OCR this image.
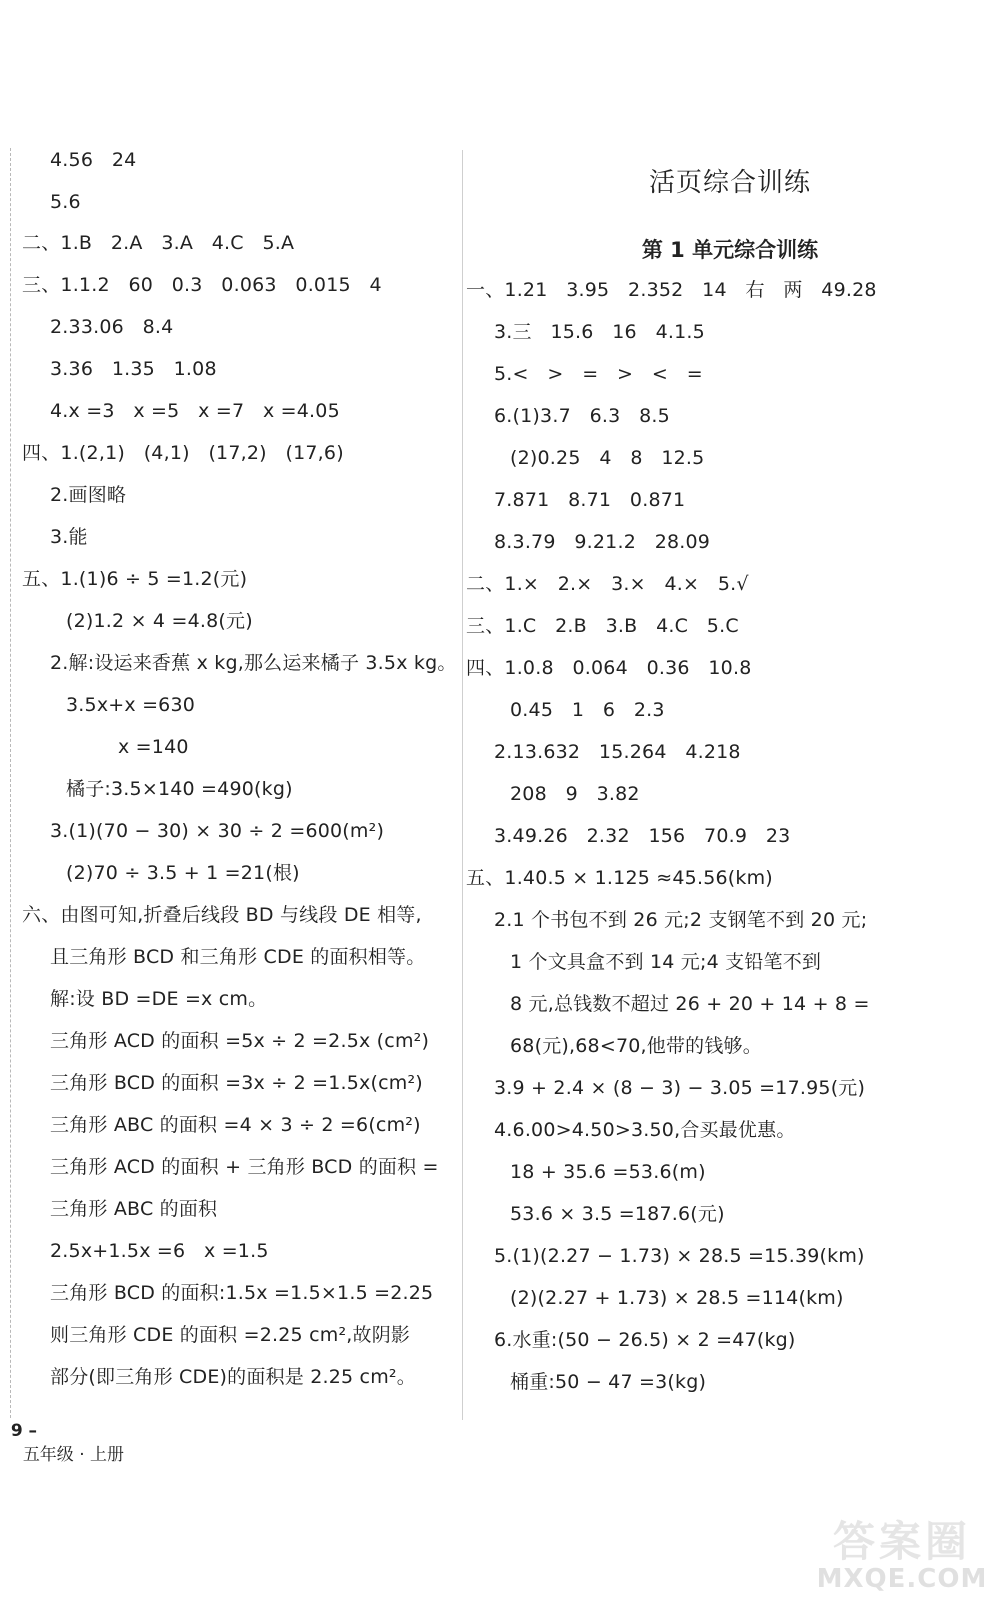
4.56   24
5.6
二、1.B   2.A   3.A   4.C   5.A
三、1.1.2   60   0.3   0.063   0.015   4
2.33.06   8.4
3.36   1.35   1.08
4.x =3   x =5   x =7   x =4.05
四、1.(2,1)   (4,1)   (17,2)   (17,6)
2.画图略
3.能
五、1.(1)6 ÷ 5 =1.2(元)
(2)1.2 × 4 =4.8(元)
2.解:设运来香蕉 x kg,那么运来橘子 3.5x kg。
3.5x+x =630
x =140
橘子:3.5×140 =490(kg)
3.(1)(70 − 30) × 30 ÷ 2 =600(m²)
(2)70 ÷ 3.5 + 1 =21(根)
六、由图可知,折叠后线段 BD 与线段 DE 相等,
且三角形 BCD 和三角形 CDE 的面积相等。
解:设 BD =DE =x cm。
三角形 ACD 的面积 =5x ÷ 2 =2.5x (cm²)
三角形 BCD 的面积 =3x ÷ 2 =1.5x(cm²)
三角形 ABC 的面积 =4 × 3 ÷ 2 =6(cm²)
三角形 ACD 的面积 + 三角形 BCD 的面积 =
三角形 ABC 的面积
2.5x+1.5x =6   x =1.5
三角形 BCD 的面积:1.5x =1.5×1.5 =2.25
则三角形 CDE 的面积 =2.25 cm²,故阴影
部分(即三角形 CDE)的面积是 2.25 cm²。
活页综合训练
第 1 单元综合训练
一、1.21   3.95   2.352   14   右   两   49.28
3.三   15.6   16   4.1.5
5.<   >   =   >   <   =
6.(1)3.7   6.3   8.5
(2)0.25   4   8   12.5
7.871   8.71   0.871
8.3.79   9.21.2   28.09
二、1.×   2.×   3.×   4.×   5.√
三、1.C   2.B   3.B   4.C   5.C
四、1.0.8   0.064   0.36   10.8
0.45   1   6   2.3
2.13.632   15.264   4.218
208   9   3.82
3.49.26   2.32   156   70.9   23
五、1.40.5 × 1.125 ≈45.56(km)
2.1 个书包不到 26 元;2 支钢笔不到 20 元;
1 个文具盒不到 14 元;4 支铅笔不到
8 元,总钱数不超过 26 + 20 + 14 + 8 =
68(元),68<70,他带的钱够。
3.9 + 2.4 × (8 − 3) − 3.05 =17.95(元)
4.6.00>4.50>3.50,合买最优惠。
18 + 35.6 =53.6(m)
53.6 × 3.5 =187.6(元)
5.(1)(2.27 − 1.73) × 28.5 =15.39(km)
(2)(2.27 + 1.73) × 28.5 =114(km)
6.水重:(50 − 26.5) × 2 =47(kg)
桶重:50 − 47 =3(kg)

9 –
五年级 · 上册

答案圈
MXQE.COM
